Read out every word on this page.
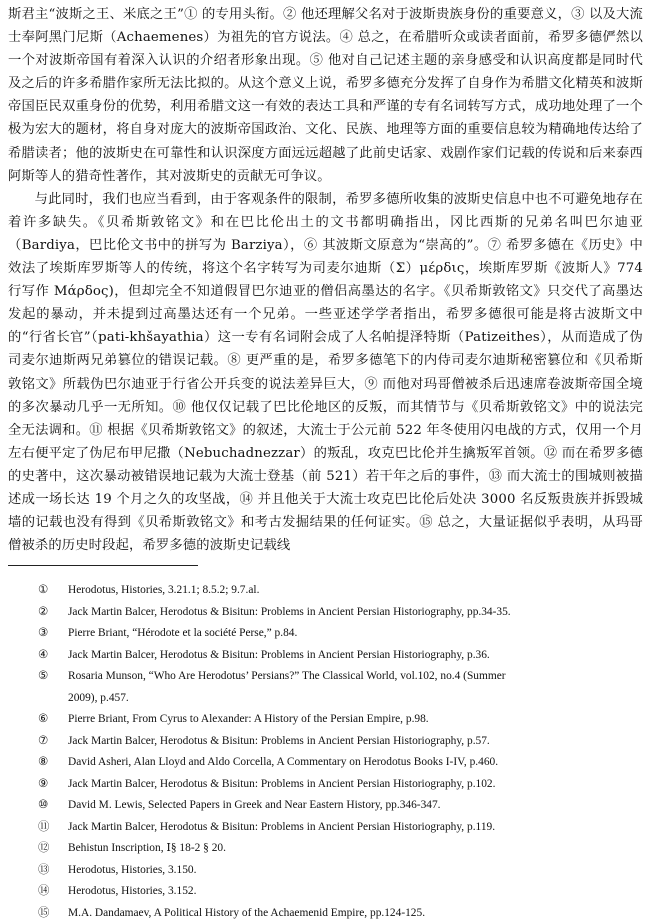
斯君主“波斯之王、米底之王”① 的专用头衔。② 他还理解父名对于波斯贵族身份的重要意义，③ 以及大流士奉阿黑门尼斯（Achaemenes）为祖先的官方说法。④ 总之，在希腊听众或读者面前，希罗多德俨然以一个对波斯帝国有着深入认识的介绍者形象出现。⑤ 他对自己记述主题的亲身感受和认识高度都是同时代及之后的许多希腊作家所无法比拟的。从这个意义上说，希罗多德充分发挥了自身作为希腊文化精英和波斯帝国臣民双重身份的优势，利用希腊文这一有效的表达工具和严谨的专有名词转写方式，成功地处理了一个极为宏大的题材，将自身对庞大的波斯帝国政治、文化、民族、地理等方面的重要信息较为精确地传达给了希腊读者；他的波斯史在可靠性和认识深度方面远远超越了此前史话家、戏剧作家们记载的传说和后来泰西阿斯等人的猎奇性著作，其对波斯史的贡献无可争议。

与此同时，我们也应当看到，由于客观条件的限制，希罗多德所收集的波斯史信息中也不可避免地存在着许多缺失。《贝希斯敦铭文》和在巴比伦出土的文书都明确指出，冈比西斯的兄弟名叫巴尔迪亚（Bardiya，巴比伦文书中的拼写为 Barziya），⑥ 其波斯文原意为“崇高的”。⑦ 希罗多德在《历史》中效法了埃斯库罗斯等人的传统，将这个名字转写为司麦尔迪斯（Σ）μέρδις，埃斯库罗斯《波斯人》774 行写作 Μάρδος)，但却完全不知道假冒巴尔迪亚的僧侣高墨达的名字。《贝希斯敦铭文》只交代了高墨达发起的暴动，并未提到过高墨达还有一个兄弟。一些亚述学学者指出，希罗多德很可能是将古波斯文中的“行省长官”（pati-khšayathia）这一专有名词附会成了人名帕提泽特斯（Patizeithes），从而造成了伪司麦尔迪斯两兄弟篡位的错误记载。⑧ 更严重的是，希罗多德笔下的内侍司麦尔迪斯秘密篡位和《贝希斯敦铭文》所载伪巴尔迪亚于行省公开兵变的说法差异巨大，⑨ 而他对玛哥僧被杀后迅速席卷波斯帝国全境的多次暴动几乎一无所知。⑩ 他仅仅记载了巴比伦地区的反叛，而其情节与《贝希斯敦铭文》中的说法完全无法调和。⑪ 根据《贝希斯敦铭文》的叙述，大流士于公元前 522 年冬使用闪电战的方式，仅用一个月左右便平定了伪尼布甲尼撒（Nebuchadnezzar）的叛乱，攻克巴比伦并生擒叛军首领。⑫ 而在希罗多德的史著中，这次暴动被错误地记载为大流士登基（前 521）若干年之后的事件，⑬ 而大流士的围城则被描述成一场长达 19 个月之久的攻坚战，⑭ 并且他关于大流士攻克巴比伦后处决 3000 名反叛贵族并拆毁城墙的记载也没有得到《贝希斯敦铭文》和考古发掘结果的任何证实。⑮ 总之，大量证据似乎表明，从玛哥僧被杀的历史时段起，希罗多德的波斯史记载线

①	Herodotus, Histories, 3.21.1; 8.5.2; 9.7.al.
②	Jack Martin Balcer, Herodotus & Bisitun: Problems in Ancient Persian Historiography, pp.34-35.
③	Pierre Briant, “Hérodote et la société Perse,” p.84.
④	Jack Martin Balcer, Herodotus & Bisitun: Problems in Ancient Persian Historiography, p.36.
⑤	Rosaria Munson, “Who Are Herodotus’ Persians?” The Classical World, vol.102, no.4 (Summer
2009), p.457.
⑥	Pierre Briant, From Cyrus to Alexander: A History of the Persian Empire, p.98.
⑦	Jack Martin Balcer, Herodotus & Bisitun: Problems in Ancient Persian Historiography, p.57.
⑧	David Asheri, Alan Lloyd and Aldo Corcella, A Commentary on Herodotus Books I-IV, p.460.
⑨	Jack Martin Balcer, Herodotus & Bisitun: Problems in Ancient Persian Historiography, p.102.
⑩	David M. Lewis, Selected Papers in Greek and Near Eastern History, pp.346-347.
⑪	Jack Martin Balcer, Herodotus & Bisitun: Problems in Ancient Persian Historiography, p.119.
⑫	Behistun Inscription, Ⅰ§ 18-2 § 20.
⑬	Herodotus, Histories, 3.150.
⑭	Herodotus, Histories, 3.152.
⑮	M.A. Dandamaev, A Political History of the Achaemenid Empire, pp.124-125.
